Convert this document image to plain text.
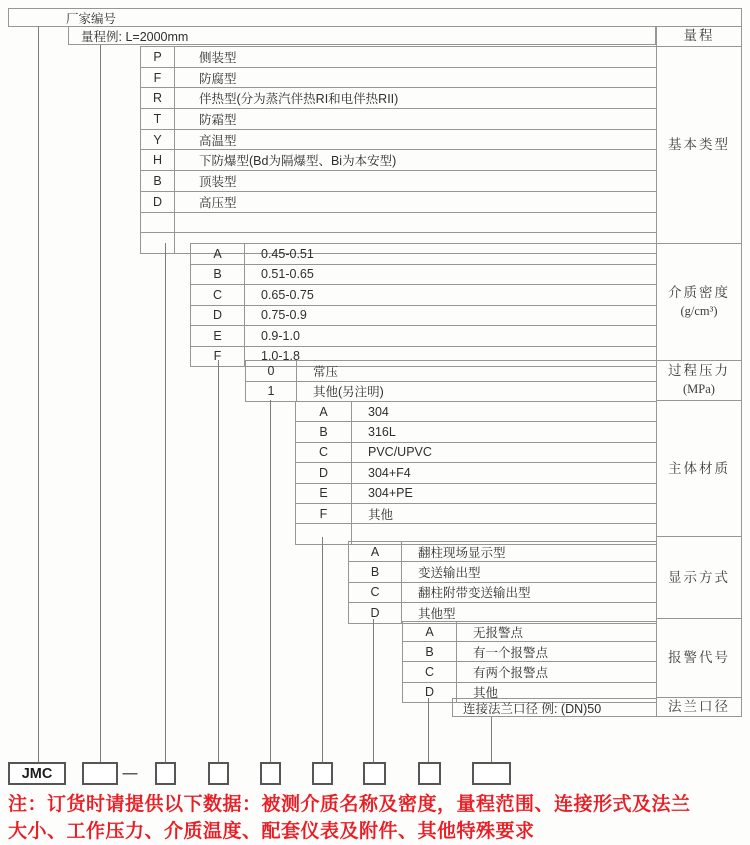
厂家编号
量程例: L=2000mm
P	侧装型
F	防腐型
R	伴热型(分为蒸汽伴热RI和电伴热RII)
T	防霜型
Y	高温型
H	下防爆型(Bd为隔爆型、Bi为本安型)
B	顶装型
D	高压型
A	0.45-0.51
B	0.51-0.65
C	0.65-0.75
D	0.75-0.9
E	0.9-1.0
F	1.0-1.8
0	常压
1	其他(另注明)
A	304
B	316L
C	PVC/UPVC
D	304+F4
E	304+PE
F	其他
A	翻柱现场显示型
B	变送输出型
C	翻柱附带变送输出型
D	其他型
A	无报警点
B	有一个报警点
C	有两个报警点
D	其他
连接法兰口径 例: (DN)50
量程
基本类型
介质密度
(g/cm³)
过程压力
(MPa)
主体材质
显示方式
报警代号
法兰口径
JMC	—
注：订货时请提供以下数据：被测介质名称及密度，量程范围、连接形式及法兰
大小、工作压力、介质温度、配套仪表及附件、其他特殊要求
